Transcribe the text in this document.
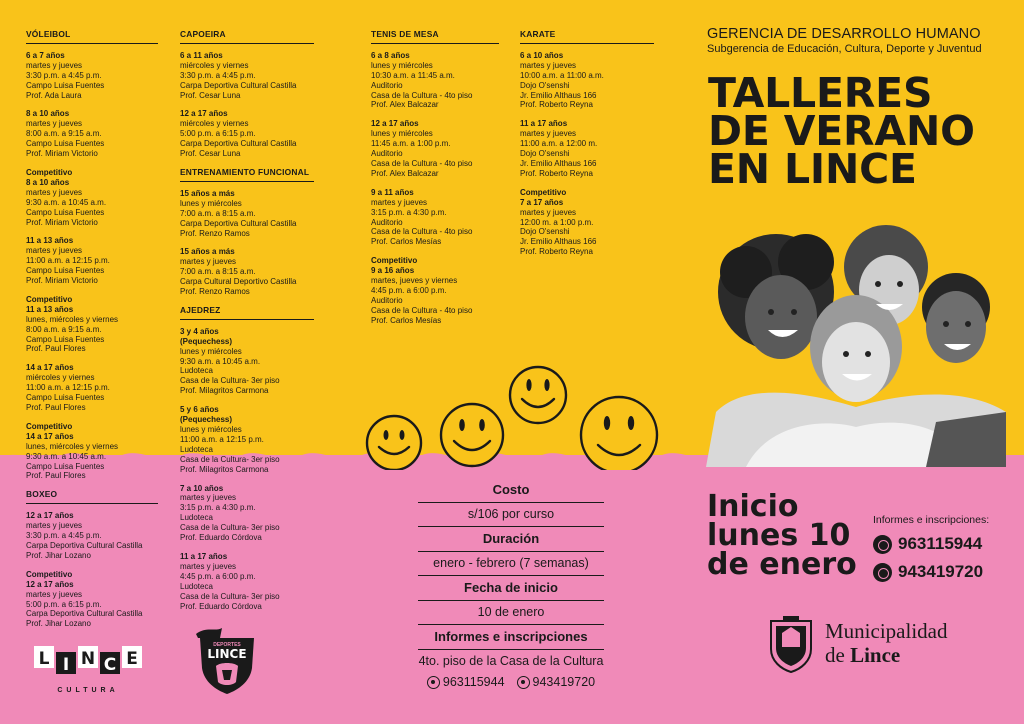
VÓLEIBOL
6 a 7 años
martes y jueves
3:30 p.m. a 4:45 p.m.
Campo Luisa Fuentes
Prof. Ada Laura
8 a 10 años
martes y jueves
8:00 a.m. a 9:15 a.m.
Campo Luisa Fuentes
Prof. Miriam Victorio
Competitivo
8 a 10 años
martes y jueves
9:30 a.m. a 10:45 a.m.
Campo Luisa Fuentes
Prof. Miriam Victorio
11 a 13 años
martes y jueves
11:00 a.m. a 12:15 p.m.
Campo Luisa Fuentes
Prof. Miriam Victorio
Competitivo
11 a 13 años
lunes, miércoles y viernes
8:00 a.m. a 9:15 a.m.
Campo Luisa Fuentes
Prof. Paul Flores
14 a 17 años
miércoles y viernes
11:00 a.m. a 12:15 p.m.
Campo Luisa Fuentes
Prof. Paul Flores
Competitivo
14 a 17 años
lunes, miércoles y viernes
9:30 a.m. a 10:45 a.m.
Campo Luisa Fuentes
Prof. Paul Flores
BOXEO
12 a 17 años
martes y jueves
3:30 p.m. a 4:45 p.m.
Carpa Deportiva Cultural Castilla
Prof. Jihar Lozano
Competitivo
12 a 17 años
martes y jueves
5:00 p.m. a 6:15 p.m.
Carpa Deportiva Cultural Castilla
Prof. Jihar Lozano
CAPOEIRA
6 a 11 años
miércoles y viernes
3:30 p.m. a 4:45 p.m.
Carpa Deportiva Cultural Castilla
Prof. Cesar Luna
12 a 17 años
miércoles y viernes
5:00 p.m. a 6:15 p.m.
Carpa Deportiva Cultural Castilla
Prof. Cesar Luna
ENTRENAMIENTO FUNCIONAL
15 años a más
lunes y miércoles
7:00 a.m. a 8:15 a.m.
Carpa Deportiva Cultural Castilla
Prof. Renzo Ramos
15 años a más
martes y jueves
7:00 a.m. a 8:15 a.m.
Carpa Cultural Deportivo Castilla
Prof. Renzo Ramos
AJEDREZ
3 y 4 años
(Pequechess)
lunes y miércoles
9:30 a.m. a 10:45 a.m.
Ludoteca
Casa de la Cultura- 3er piso
Prof. Milagritos Carmona
5 y 6 años
(Pequechess)
lunes y miércoles
11:00 a.m. a 12:15 p.m.
Ludoteca
Casa de la Cultura- 3er piso
Prof. Milagritos Carmona
7 a 10 años
martes y jueves
3:15 p.m. a 4:30 p.m.
Ludoteca
Casa de la Cultura- 3er piso
Prof. Eduardo Córdova
11 a 17 años
martes y jueves
4:45 p.m. a 6:00 p.m.
Ludoteca
Casa de la Cultura- 3er piso
Prof. Eduardo Córdova
TENIS DE MESA
6 a 8 años
lunes y miércoles
10:30 a.m. a 11:45 a.m.
Auditorio
Casa de la Cultura - 4to piso
Prof. Alex Balcazar
12 a 17 años
lunes y miércoles
11:45 a.m. a 1:00 p.m.
Auditorio
Casa de la Cultura - 4to piso
Prof. Alex Balcazar
9 a 11 años
martes y jueves
3:15 p.m. a 4:30 p.m.
Auditorio
Casa de la Cultura - 4to piso
Prof. Carlos Mesías
Competitivo
9 a 16 años
martes, jueves y viernes
4:45 p.m. a 6:00 p.m.
Auditorio
Casa de la Cultura - 4to piso
Prof. Carlos Mesías
KARATE
6 a 10 años
martes y jueves
10:00 a.m. a 11:00 a.m.
Dojo O'senshi
Jr. Emilio Althaus 166
Prof. Roberto Reyna
11 a 17 años
martes y jueves
11:00 a.m. a 12:00 m.
Dojo O'senshi
Jr. Emilio Althaus 166
Prof. Roberto Reyna
Competitivo
7 a 17 años
martes y jueves
12:00 m. a 1:00 p.m.
Dojo O'senshi
Jr. Emilio Althaus 166
Prof. Roberto Reyna
GERENCIA DE DESARROLLO HUMANO
Subgerencia de Educación, Cultura, Deporte y Juventud
TALLERES
DE VERANO
EN LINCE
Costo
s/106 por curso
Duración
enero - febrero (7 semanas)
Fecha de inicio
10 de enero
Informes e inscripciones
4to. piso de la Casa de la Cultura
963115944 943419720
Inicio
lunes 10
de enero
Informes e inscripciones:
963115944
943419720
Municipalidad
de Lince
L I N C E
CULTURA
DEPORTES
LINCE
